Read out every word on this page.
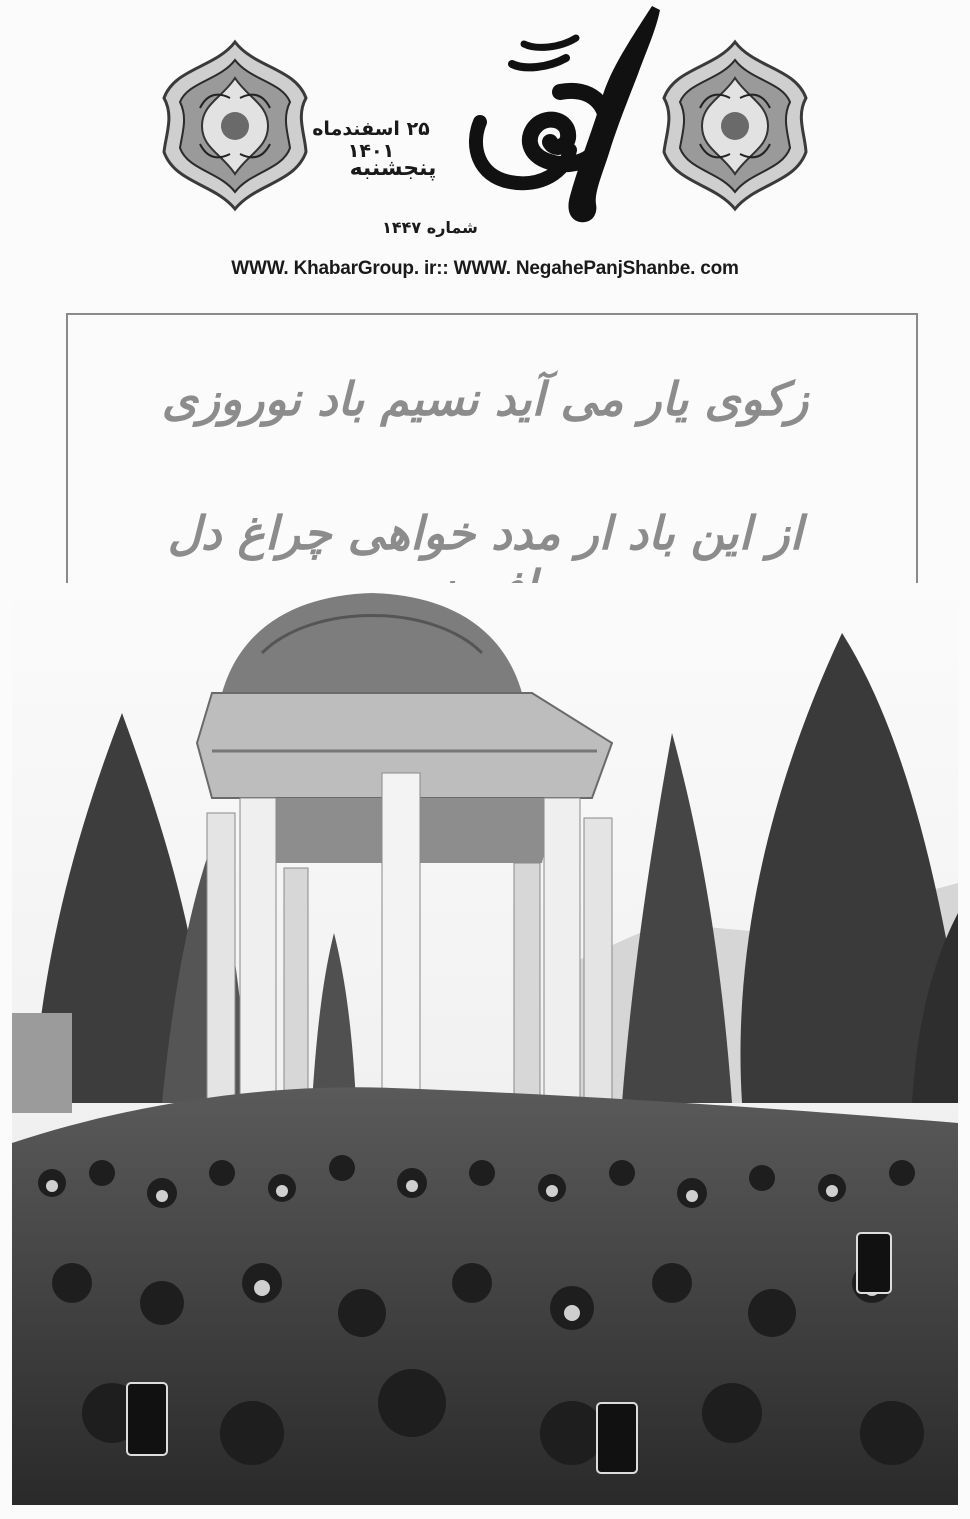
۲۵ اسفندماه ۱۴۰۱
پنجشنبه
شماره ۱۴۴۷
WWW. KhabarGroup. ir:: WWW. NegahePanjShanbe. com
زکوی یار می آید نسیم باد نوروزی
از این باد ار مدد خواهی چراغ دل
